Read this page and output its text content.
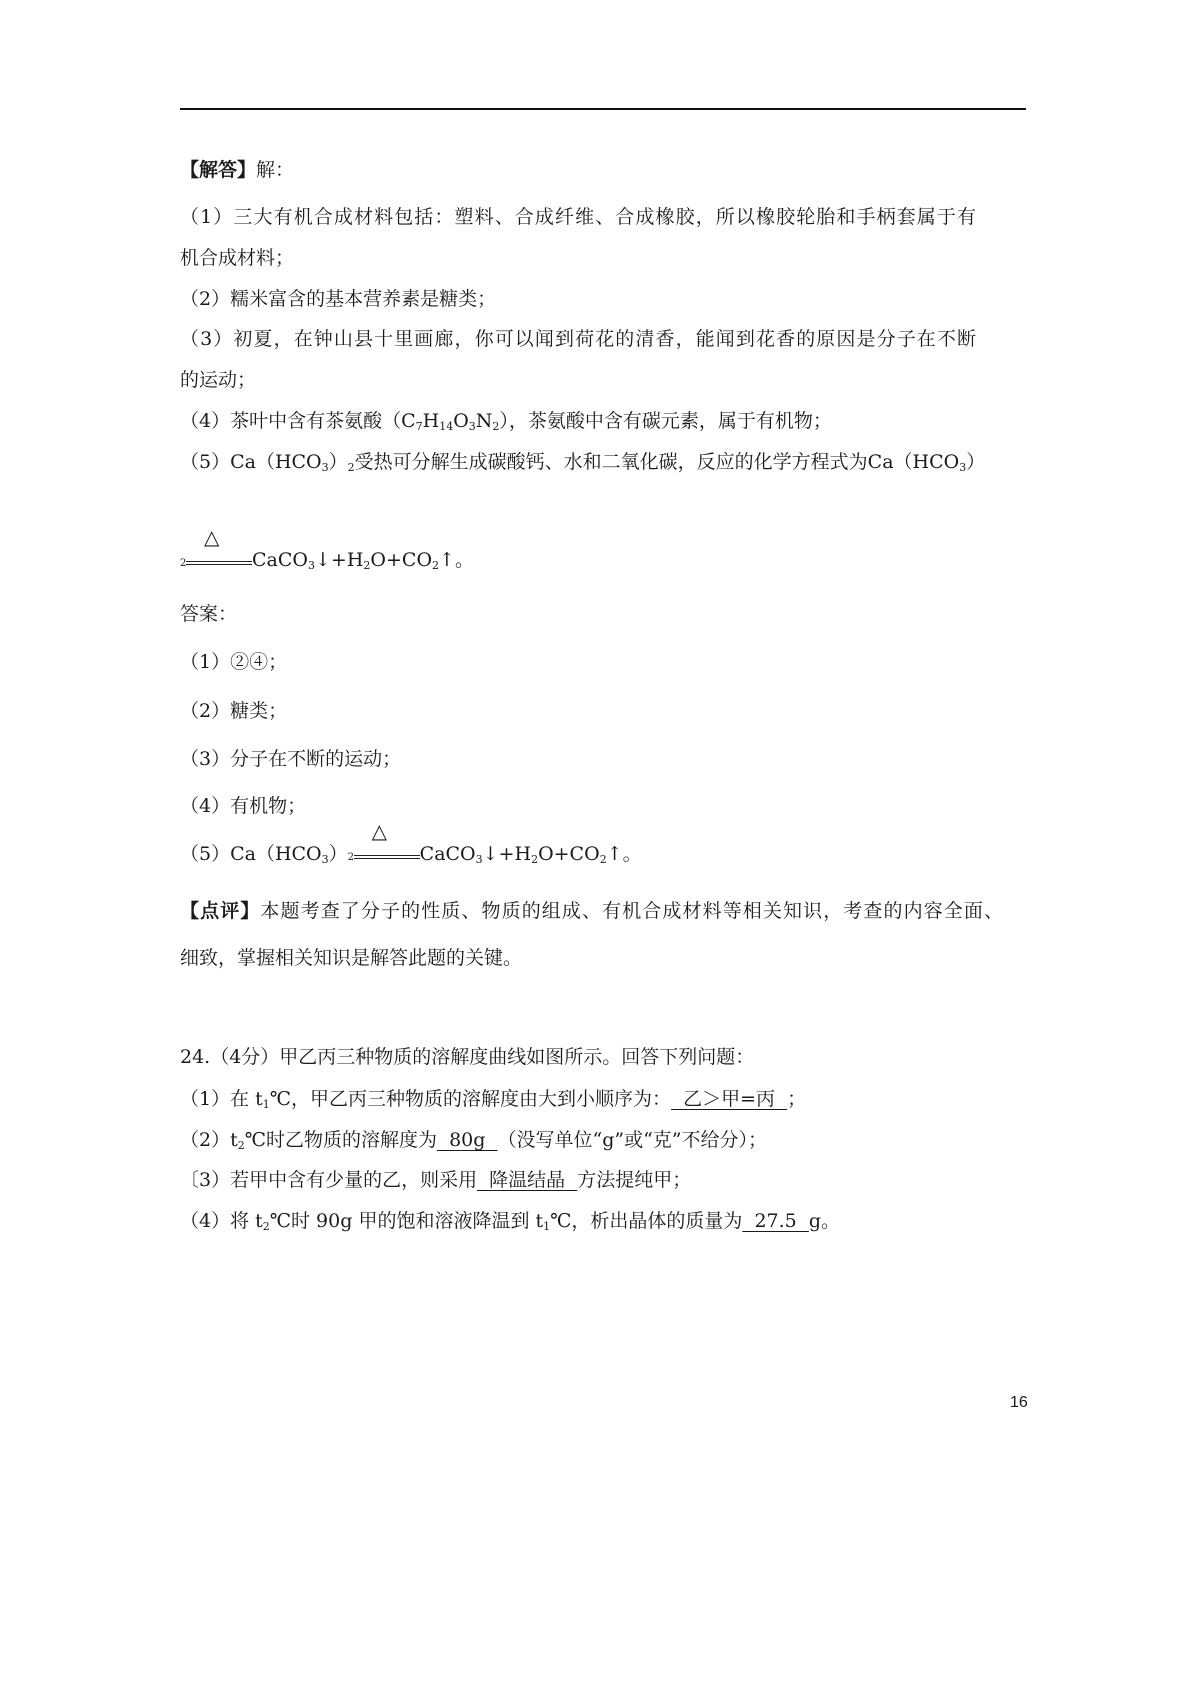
【解答】解：
（1）三大有机合成材料包括：塑料、合成纤维、合成橡胶，所以橡胶轮胎和手柄套属于有
机合成材料；
（2）糯米富含的基本营养素是糖类；
（3）初夏，在钟山县十里画廊，你可以闻到荷花的清香，能闻到花香的原因是分子在不断
的运动；
（4）茶叶中含有茶氨酸$(C_7H_{14}O_3N_2)$，茶氨酸中含有碳元素，属于有机物；
$(5)Ca(HCO_3)_2$受热可分解生成碳酸钙、水和二氧化碳，反应的化学方程式为$Ca(HCO_3)$
2
△
$CaCO_3↓+H_2O+CO_2↑$。
答案：
（1）②④；
（2）糖类；
（3）分子在不断的运动；
（4）有机物；
$(5)Ca(HCO_3)$ 2
△
$CaCO_3↓+H_2O+CO_2↑$。
【点评】本题考查了分子的性质、物质的组成、有机合成材料等相关知识，考查的内容全面、
细致，掌握相关知识是解答此题的关键。
24.（4分）甲乙丙三种物质的溶解度曲线如图所示。回答下列问题：
（1）在 $t_1℃$，甲乙丙三种物质的溶解度由大到小顺序为：  乙＞甲=丙  ；
$(2)t_2℃$时乙物质的溶解度为  80g  （没写单位“g”或“克”不给分）；
〔3）若甲中含有少量的乙，则采用  降温结晶  方法提纯甲；
（4）将 $t_2℃$时 90g 甲的饱和溶液降温到 $t_1℃$，析出晶体的质量为  27.5  g。
16
